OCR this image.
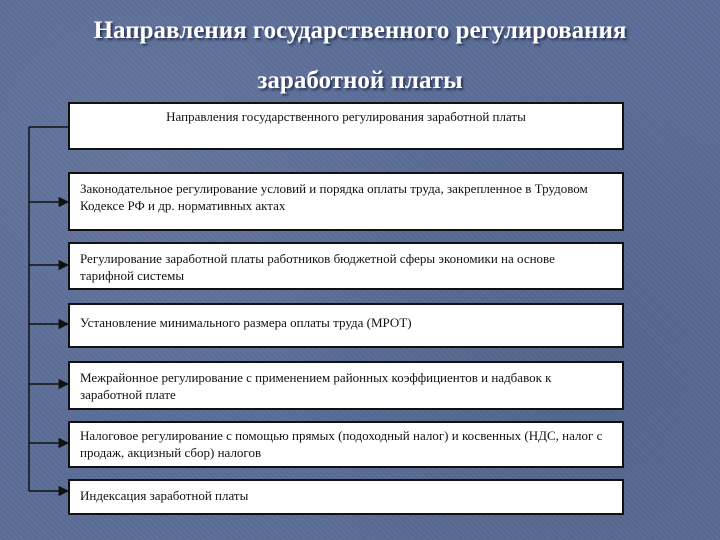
Направления государственного регулирования
заработной платы
Направления государственного регулирования заработной платы
Законодательное регулирование условий и порядка оплаты труда, закрепленное в Трудовом Кодексе РФ и др. нормативных актах
Регулирование заработной платы работников бюджетной сферы экономики на основе тарифной системы
Установление минимального размера оплаты труда (МРОТ)
Межрайонное регулирование с применением районных коэффициентов и надбавок к заработной плате
Налоговое регулирование с помощью прямых (подоходный налог) и косвенных (НДС, налог с продаж, акцизный сбор) налогов
Индексация заработной платы
